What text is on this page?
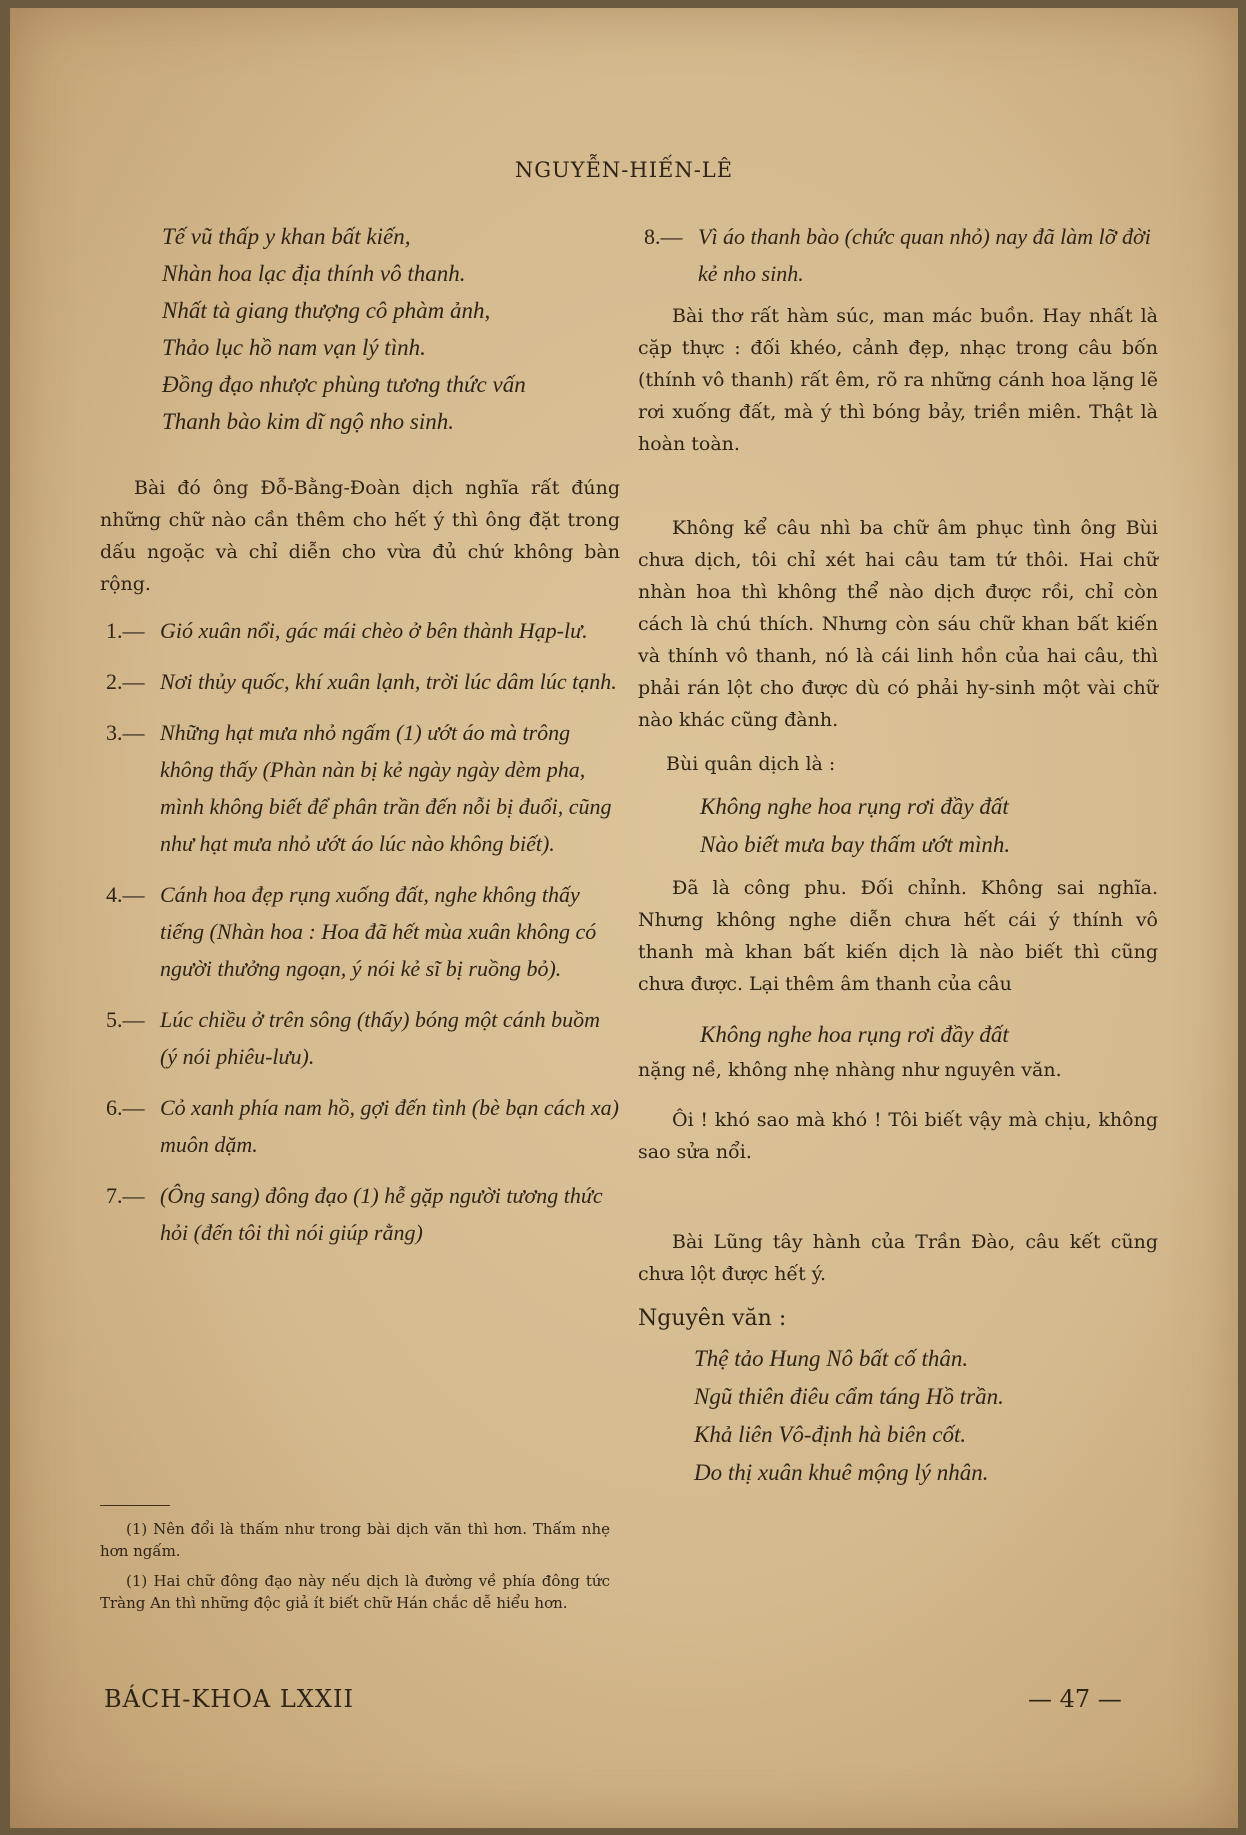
NGUYỄN-HIẾN-LÊ
Tế vũ thấp y khan bất kiến,
Nhàn hoa lạc địa thính vô thanh.
Nhất tà giang thượng cô phàm ảnh,
Thảo lục hồ nam vạn lý tình.
Đồng đạo nhược phùng tương thức vấn
Thanh bào kim dĩ ngộ nho sinh.

Bài đó ông Đỗ-Bằng-Đoàn dịch nghĩa rất đúng những chữ nào cần thêm cho hết ý thì ông đặt trong dấu ngoặc và chỉ diễn cho vừa đủ chứ không bàn rộng.

1.— Gió xuân nổi, gác mái chèo ở bên thành Hạp-lư.
2.— Nơi thủy quốc, khí xuân lạnh, trời lúc dâm lúc tạnh.
3.— Những hạt mưa nhỏ ngấm (1) ướt áo mà trông không thấy (Phàn nàn bị kẻ ngày ngày dèm pha, mình không biết để phân trần đến nỗi bị đuổi, cũng như hạt mưa nhỏ ướt áo lúc nào không biết).
4.— Cánh hoa đẹp rụng xuống đất, nghe không thấy tiếng (Nhàn hoa : Hoa đã hết mùa xuân không có người thưởng ngoạn, ý nói kẻ sĩ bị ruồng bỏ).
5.— Lúc chiều ở trên sông (thấy) bóng một cánh buồm (ý nói phiêu-lưu).
6.— Cỏ xanh phía nam hồ, gợi đến tình (bè bạn cách xa) muôn dặm.
7.— (Ông sang) đông đạo (1) hễ gặp người tương thức hỏi (đến tôi thì nói giúp rằng)

(1) Nên đổi là thấm như trong bài dịch văn thì hơn. Thấm nhẹ hơn ngấm.

(1) Hai chữ đông đạo này nếu dịch là đường về phía đông tức Tràng An thì những độc giả ít biết chữ Hán chắc dễ hiểu hơn.

8.— Vì áo thanh bào (chức quan nhỏ) nay đã làm lỡ đời kẻ nho sinh.

Bài thơ rất hàm súc, man mác buồn. Hay nhất là cặp thực : đối khéo, cảnh đẹp, nhạc trong câu bốn (thính vô thanh) rất êm, rõ ra những cánh hoa lặng lẽ rơi xuống đất, mà ý thì bóng bảy, triền miên. Thật là hoàn toàn.

Không kể câu nhì ba chữ âm phục tình ông Bùi chưa dịch, tôi chỉ xét hai câu tam tứ thôi. Hai chữ nhàn hoa thì không thể nào dịch được rồi, chỉ còn cách là chú thích. Nhưng còn sáu chữ khan bất kiến và thính vô thanh, nó là cái linh hồn của hai câu, thì phải rán lột cho được dù có phải hy-sinh một vài chữ nào khác cũng đành.

Bùi quân dịch là :

Không nghe hoa rụng rơi đầy đất
Nào biết mưa bay thấm ướt mình.

Đã là công phu. Đối chỉnh. Không sai nghĩa. Nhưng không nghe diễn chưa hết cái ý thính vô thanh mà khan bất kiến dịch là nào biết thì cũng chưa được. Lại thêm âm thanh của câu

Không nghe hoa rụng rơi đầy đất

nặng nề, không nhẹ nhàng như nguyên văn.

Ôi ! khó sao mà khó ! Tôi biết vậy mà chịu, không sao sửa nổi.

Bài Lũng tây hành của Trần Đào, câu kết cũng chưa lột được hết ý.

Nguyên văn :

Thệ tảo Hung Nô bất cố thân.
Ngũ thiên điêu cẩm táng Hồ trần.
Khả liên Vô-định hà biên cốt.
Do thị xuân khuê mộng lý nhân.
BÁCH-KHOA LXXII	— 47 —
